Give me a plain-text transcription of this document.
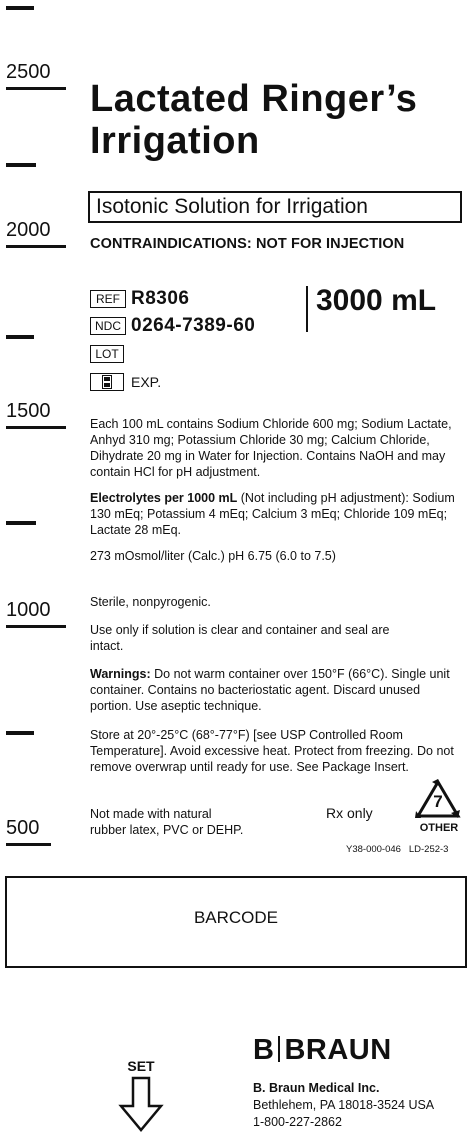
2500
2000
1500
1000
500
Lactated Ringer’s
Irrigation
Isotonic Solution for Irrigation
CONTRAINDICATIONS: NOT FOR INJECTION
REF R8306
NDC 0264-7389-60
LOT
EXP.
3000 mL
Each 100 mL contains Sodium Chloride 600 mg; Sodium Lactate, Anhyd 310 mg; Potassium Chloride 30 mg; Calcium Chloride, Dihydrate 20 mg in Water for Injection. Contains NaOH and may contain HCl for pH adjustment.
Electrolytes per 1000 mL (Not including pH adjustment): Sodium 130 mEq; Potassium 4 mEq; Calcium 3 mEq; Chloride 109 mEq; Lactate 28 mEq.
273 mOsmol/liter (Calc.) pH 6.75 (6.0 to 7.5)
Sterile, nonpyrogenic.
Use only if solution is clear and container and seal are intact.
Warnings: Do not warm container over 150°F (66°C). Single unit container. Contains no bacteriostatic agent. Discard unused portion. Use aseptic technique.
Store at 20°-25°C (68°-77°F) [see USP Controlled Room Temperature]. Avoid excessive heat. Protect from freezing. Do not remove overwrap until ready for use. See Package Insert.
Not made with natural
rubber latex, PVC or DEHP.
Rx only
7
OTHER
Y38-000-046   LD-252-3
BARCODE
SET	B BRAUN
B. Braun Medical Inc.
Bethlehem, PA 18018-3524 USA
1-800-227-2862
